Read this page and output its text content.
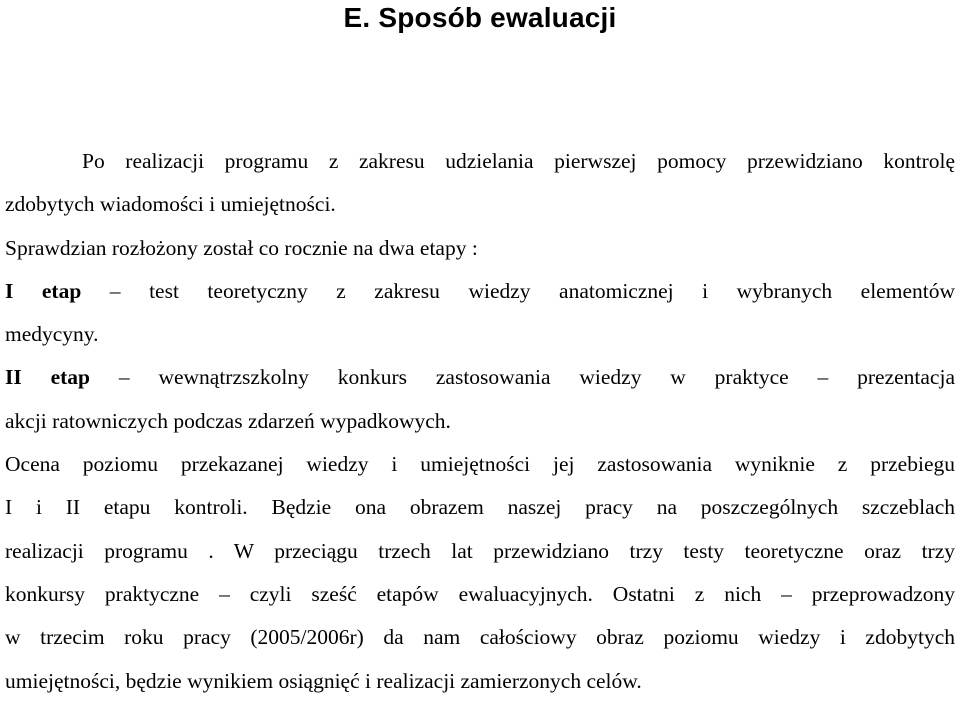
E. Sposób ewaluacji
Po realizacji programu z zakresu udzielania pierwszej pomocy przewidziano kontrolę
zdobytych wiadomości i umiejętności.
Sprawdzian rozłożony został co rocznie na dwa etapy :
I etap – test teoretyczny z zakresu wiedzy anatomicznej i wybranych elementów
medycyny.
II etap – wewnątrzszkolny konkurs zastosowania wiedzy w praktyce – prezentacja
akcji ratowniczych podczas zdarzeń wypadkowych.
Ocena poziomu przekazanej wiedzy i umiejętności jej zastosowania wyniknie z przebiegu
I i II etapu kontroli. Będzie ona obrazem naszej pracy na poszczególnych szczeblach
realizacji programu . W przeciągu trzech lat przewidziano trzy testy teoretyczne oraz trzy
konkursy praktyczne – czyli sześć etapów ewaluacyjnych. Ostatni z nich – przeprowadzony
w trzecim roku pracy (2005/2006r) da nam całościowy obraz poziomu wiedzy i zdobytych
umiejętności, będzie wynikiem osiągnięć i realizacji zamierzonych celów.
